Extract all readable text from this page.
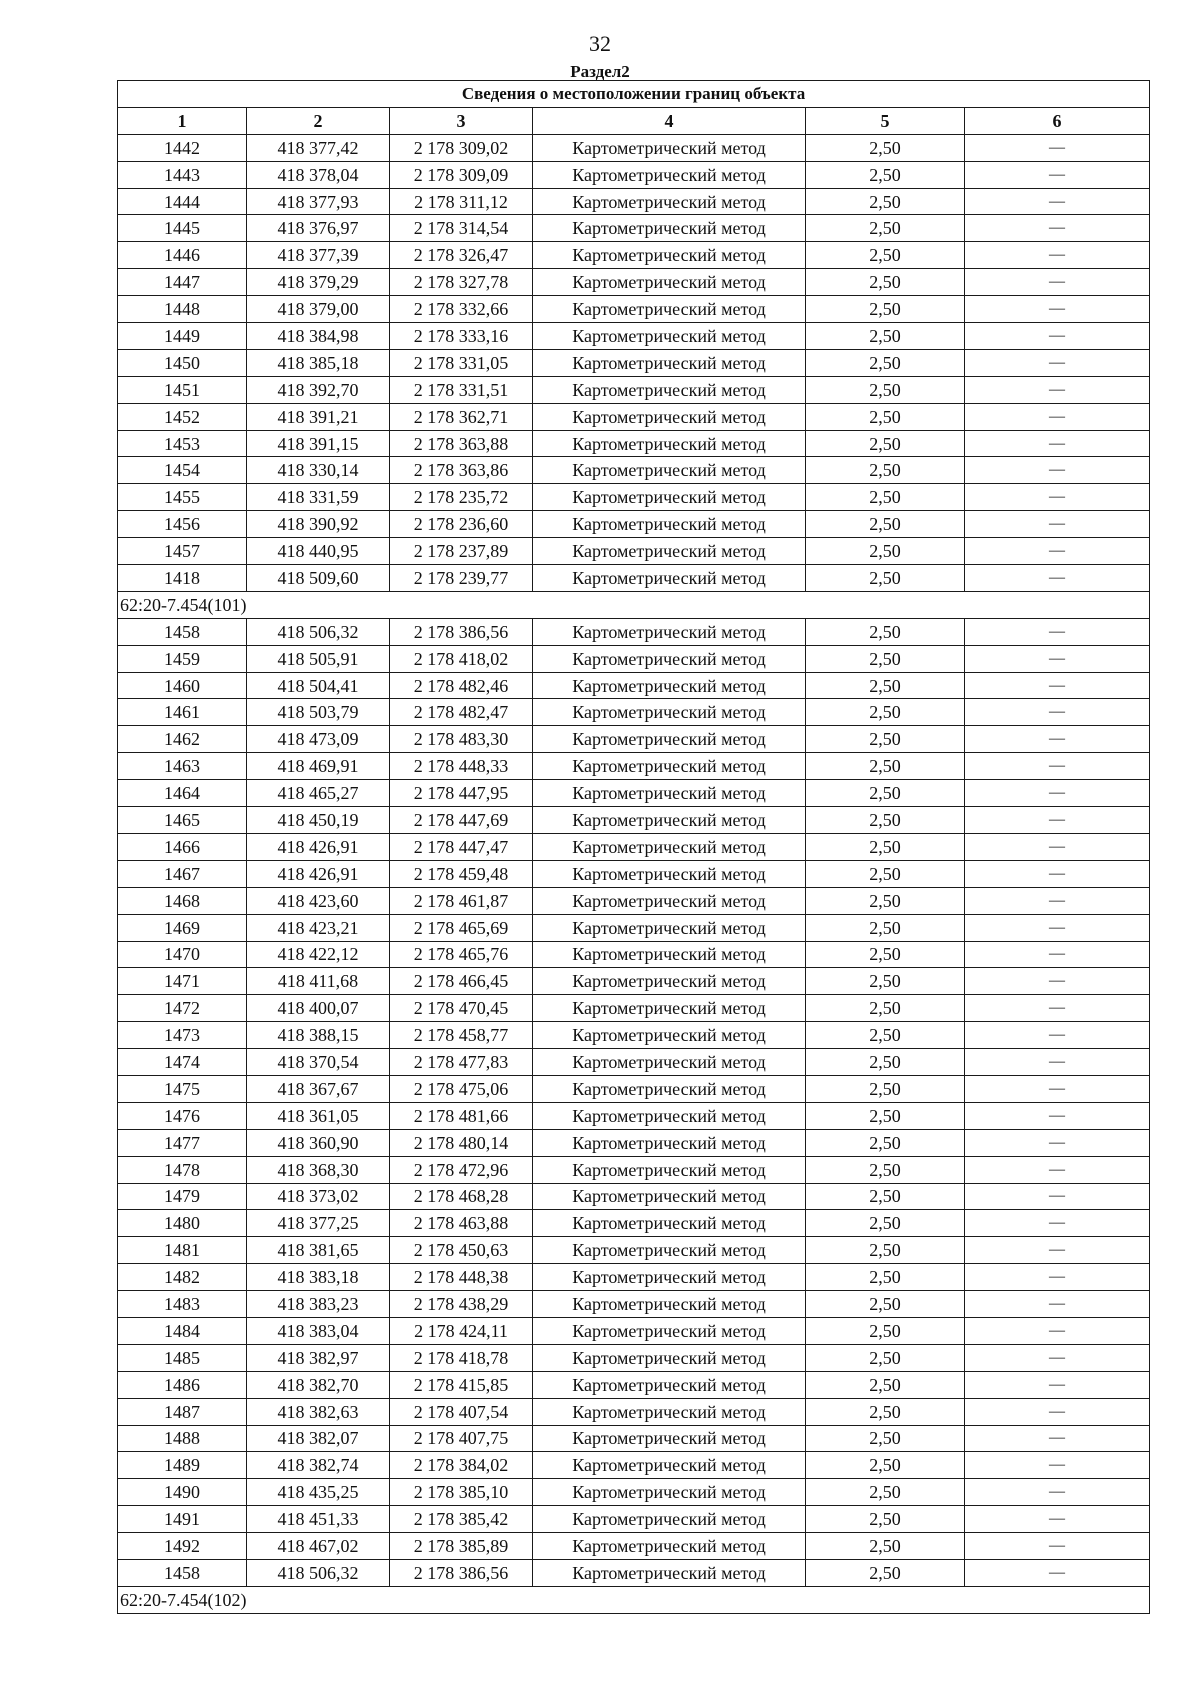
32
Раздел2
Сведения о местоположении границ объекта					
1	2	3	4	5	6
1442	418 377,42	2 178 309,02	Картометрический метод	2,50	—
1443	418 378,04	2 178 309,09	Картометрический метод	2,50	—
1444	418 377,93	2 178 311,12	Картометрический метод	2,50	—
1445	418 376,97	2 178 314,54	Картометрический метод	2,50	—
1446	418 377,39	2 178 326,47	Картометрический метод	2,50	—
1447	418 379,29	2 178 327,78	Картометрический метод	2,50	—
1448	418 379,00	2 178 332,66	Картометрический метод	2,50	—
1449	418 384,98	2 178 333,16	Картометрический метод	2,50	—
1450	418 385,18	2 178 331,05	Картометрический метод	2,50	—
1451	418 392,70	2 178 331,51	Картометрический метод	2,50	—
1452	418 391,21	2 178 362,71	Картометрический метод	2,50	—
1453	418 391,15	2 178 363,88	Картометрический метод	2,50	—
1454	418 330,14	2 178 363,86	Картометрический метод	2,50	—
1455	418 331,59	2 178 235,72	Картометрический метод	2,50	—
1456	418 390,92	2 178 236,60	Картометрический метод	2,50	—
1457	418 440,95	2 178 237,89	Картометрический метод	2,50	—
1418	418 509,60	2 178 239,77	Картометрический метод	2,50	—
62:20-7.454(101)					
1458	418 506,32	2 178 386,56	Картометрический метод	2,50	—
1459	418 505,91	2 178 418,02	Картометрический метод	2,50	—
1460	418 504,41	2 178 482,46	Картометрический метод	2,50	—
1461	418 503,79	2 178 482,47	Картометрический метод	2,50	—
1462	418 473,09	2 178 483,30	Картометрический метод	2,50	—
1463	418 469,91	2 178 448,33	Картометрический метод	2,50	—
1464	418 465,27	2 178 447,95	Картометрический метод	2,50	—
1465	418 450,19	2 178 447,69	Картометрический метод	2,50	—
1466	418 426,91	2 178 447,47	Картометрический метод	2,50	—
1467	418 426,91	2 178 459,48	Картометрический метод	2,50	—
1468	418 423,60	2 178 461,87	Картометрический метод	2,50	—
1469	418 423,21	2 178 465,69	Картометрический метод	2,50	—
1470	418 422,12	2 178 465,76	Картометрический метод	2,50	—
1471	418 411,68	2 178 466,45	Картометрический метод	2,50	—
1472	418 400,07	2 178 470,45	Картометрический метод	2,50	—
1473	418 388,15	2 178 458,77	Картометрический метод	2,50	—
1474	418 370,54	2 178 477,83	Картометрический метод	2,50	—
1475	418 367,67	2 178 475,06	Картометрический метод	2,50	—
1476	418 361,05	2 178 481,66	Картометрический метод	2,50	—
1477	418 360,90	2 178 480,14	Картометрический метод	2,50	—
1478	418 368,30	2 178 472,96	Картометрический метод	2,50	—
1479	418 373,02	2 178 468,28	Картометрический метод	2,50	—
1480	418 377,25	2 178 463,88	Картометрический метод	2,50	—
1481	418 381,65	2 178 450,63	Картометрический метод	2,50	—
1482	418 383,18	2 178 448,38	Картометрический метод	2,50	—
1483	418 383,23	2 178 438,29	Картометрический метод	2,50	—
1484	418 383,04	2 178 424,11	Картометрический метод	2,50	—
1485	418 382,97	2 178 418,78	Картометрический метод	2,50	—
1486	418 382,70	2 178 415,85	Картометрический метод	2,50	—
1487	418 382,63	2 178 407,54	Картометрический метод	2,50	—
1488	418 382,07	2 178 407,75	Картометрический метод	2,50	—
1489	418 382,74	2 178 384,02	Картометрический метод	2,50	—
1490	418 435,25	2 178 385,10	Картометрический метод	2,50	—
1491	418 451,33	2 178 385,42	Картометрический метод	2,50	—
1492	418 467,02	2 178 385,89	Картометрический метод	2,50	—
1458	418 506,32	2 178 386,56	Картометрический метод	2,50	—
62:20-7.454(102)					
